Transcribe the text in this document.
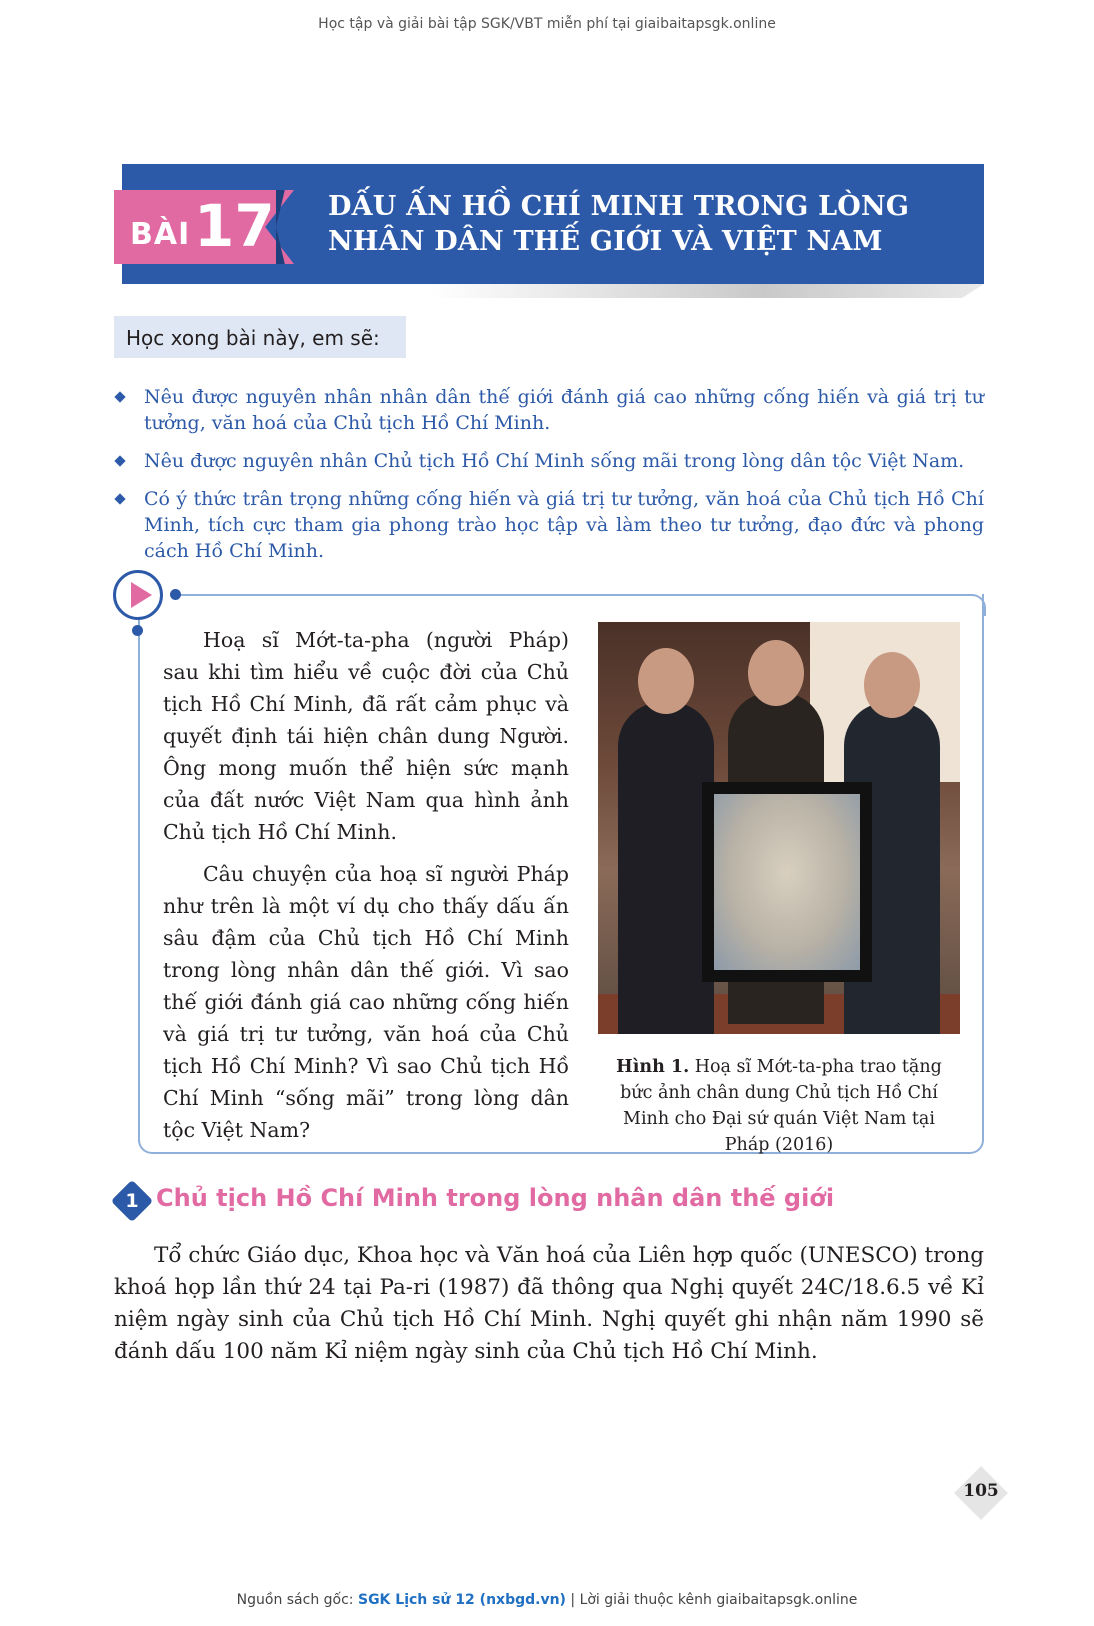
Học tập và giải bài tập SGK/VBT miễn phí tại giaibaitapsgk.online
BÀI 17 DẤU ẤN HỒ CHÍ MINH TRONG LÒNG
NHÂN DÂN THẾ GIỚI VÀ VIỆT NAM
Học xong bài này, em sẽ:
Nêu được nguyên nhân nhân dân thế giới đánh giá cao những cống hiến và giá trị tư tưởng, văn hoá của Chủ tịch Hồ Chí Minh.
Nêu được nguyên nhân Chủ tịch Hồ Chí Minh sống mãi trong lòng dân tộc Việt Nam.
Có ý thức trân trọng những cống hiến và giá trị tư tưởng, văn hoá của Chủ tịch Hồ Chí Minh, tích cực tham gia phong trào học tập và làm theo tư tưởng, đạo đức và phong cách Hồ Chí Minh.

Hoạ sĩ Mớt-ta-pha (người Pháp) sau khi tìm hiểu về cuộc đời của Chủ tịch Hồ Chí Minh, đã rất cảm phục và quyết định tái hiện chân dung Người. Ông mong muốn thể hiện sức mạnh của đất nước Việt Nam qua hình ảnh Chủ tịch Hồ Chí Minh.

Câu chuyện của hoạ sĩ người Pháp như trên là một ví dụ cho thấy dấu ấn sâu đậm của Chủ tịch Hồ Chí Minh trong lòng nhân dân thế giới. Vì sao thế giới đánh giá cao những cống hiến và giá trị tư tưởng, văn hoá của Chủ tịch Hồ Chí Minh? Vì sao Chủ tịch Hồ Chí Minh “sống mãi” trong lòng dân tộc Việt Nam?

Hình 1. Hoạ sĩ Mớt-ta-pha trao tặng bức ảnh chân dung Chủ tịch Hồ Chí Minh cho Đại sứ quán Việt Nam tại Pháp (2016)
1 Chủ tịch Hồ Chí Minh trong lòng nhân dân thế giới

Tổ chức Giáo dục, Khoa học và Văn hoá của Liên hợp quốc (UNESCO) trong khoá họp lần thứ 24 tại Pa-ri (1987) đã thông qua Nghị quyết 24C/18.6.5 về Kỉ niệm ngày sinh của Chủ tịch Hồ Chí Minh. Nghị quyết ghi nhận năm 1990 sẽ đánh dấu 100 năm Kỉ niệm ngày sinh của Chủ tịch Hồ Chí Minh.

105
Nguồn sách gốc: SGK Lịch sử 12 (nxbgd.vn) | Lời giải thuộc kênh giaibaitapsgk.online
